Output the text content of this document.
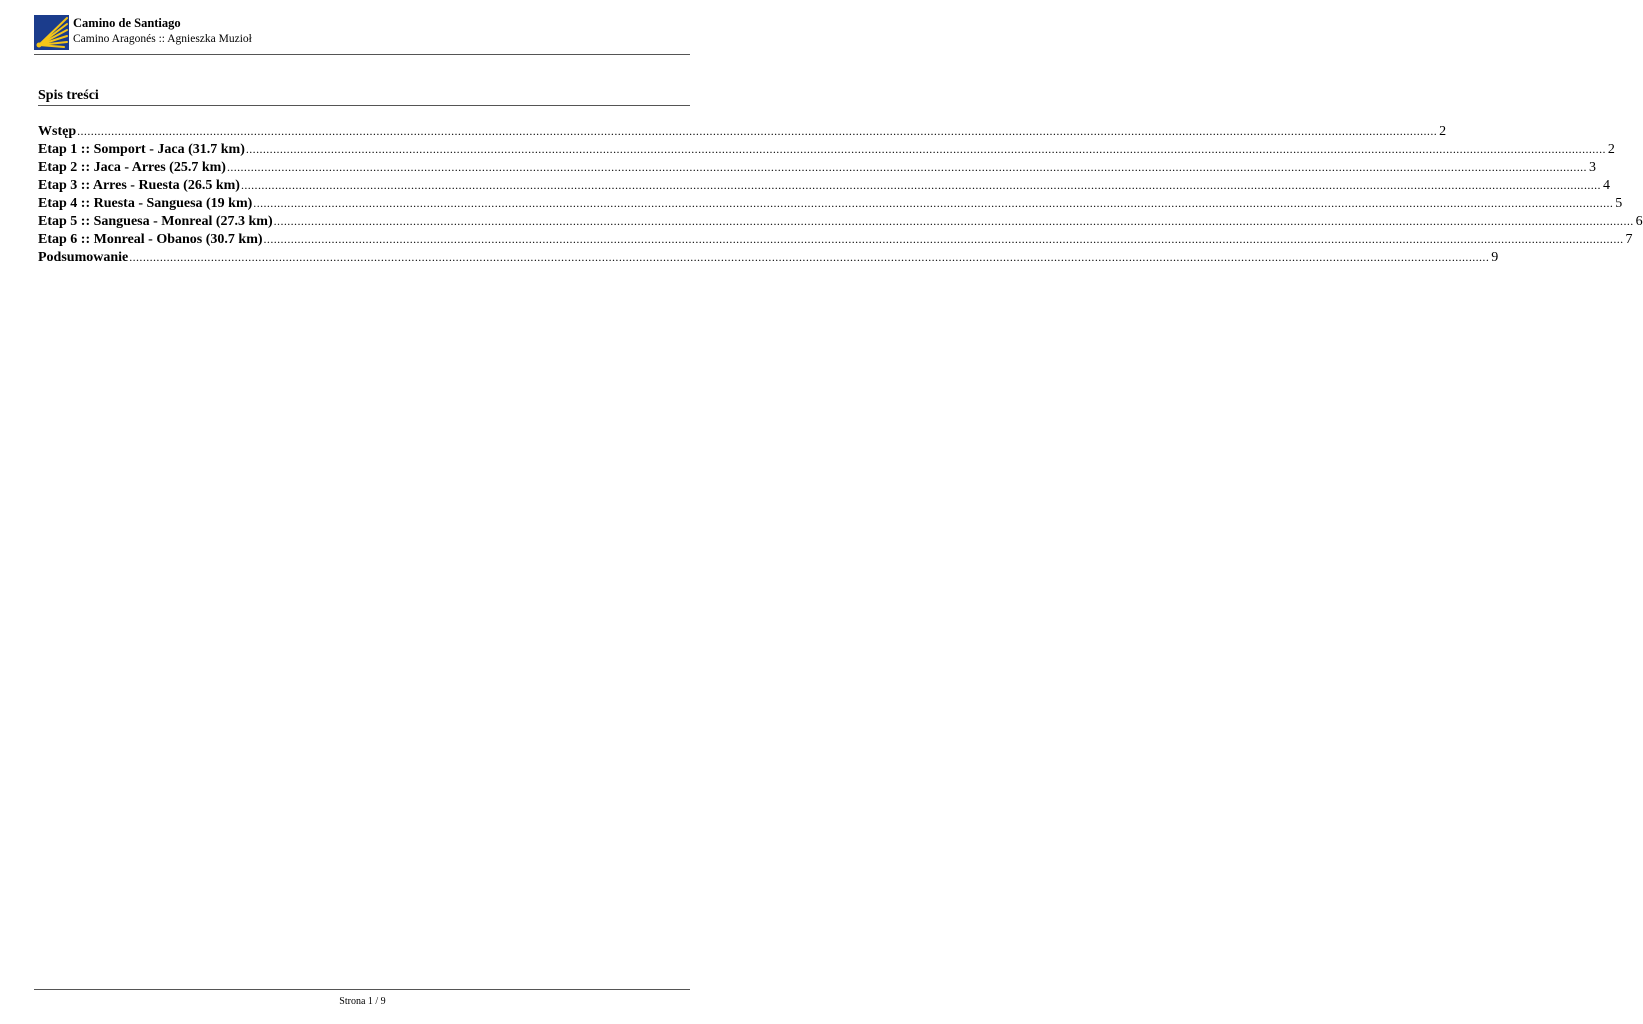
Camino de Santiago
Camino Aragonés :: Agnieszka Muzioł
Spis treści
Wstęp ................................................................................................................................................................................................................................................................................................................................................................................................................ 2
Etap 1 :: Somport - Jaca (31.7 km) ................................................................................................................................................................................................................................................................................................................................................................................................................ 2
Etap 2 :: Jaca - Arres (25.7 km) ................................................................................................................................................................................................................................................................................................................................................................................................................ 3
Etap 3 :: Arres - Ruesta (26.5 km) ................................................................................................................................................................................................................................................................................................................................................................................................................ 4
Etap 4 :: Ruesta - Sanguesa (19 km) ................................................................................................................................................................................................................................................................................................................................................................................................................ 5
Etap 5 :: Sanguesa - Monreal (27.3 km) ................................................................................................................................................................................................................................................................................................................................................................................................................ 6
Etap 6 :: Monreal - Obanos (30.7 km) ................................................................................................................................................................................................................................................................................................................................................................................................................ 7
Podsumowanie ................................................................................................................................................................................................................................................................................................................................................................................................................ 9
Strona 1 / 9
